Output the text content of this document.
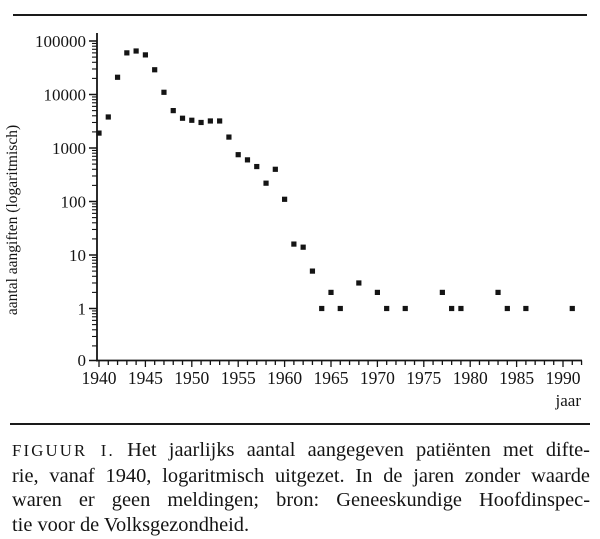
100000
10000
1000
100
10
1
0
1940 1945 1950 1955 1960 1965 1970 1975 1980 1985 1990
jaar
aantal aangiften (logaritmisch)
FIGUUR I. Het jaarlijks aantal aangegeven patiënten met difte-
rie, vanaf 1940, logaritmisch uitgezet. In de jaren zonder waarde
waren er geen meldingen; bron: Geneeskundige Hoofdinspec-
tie voor de Volksgezondheid.
